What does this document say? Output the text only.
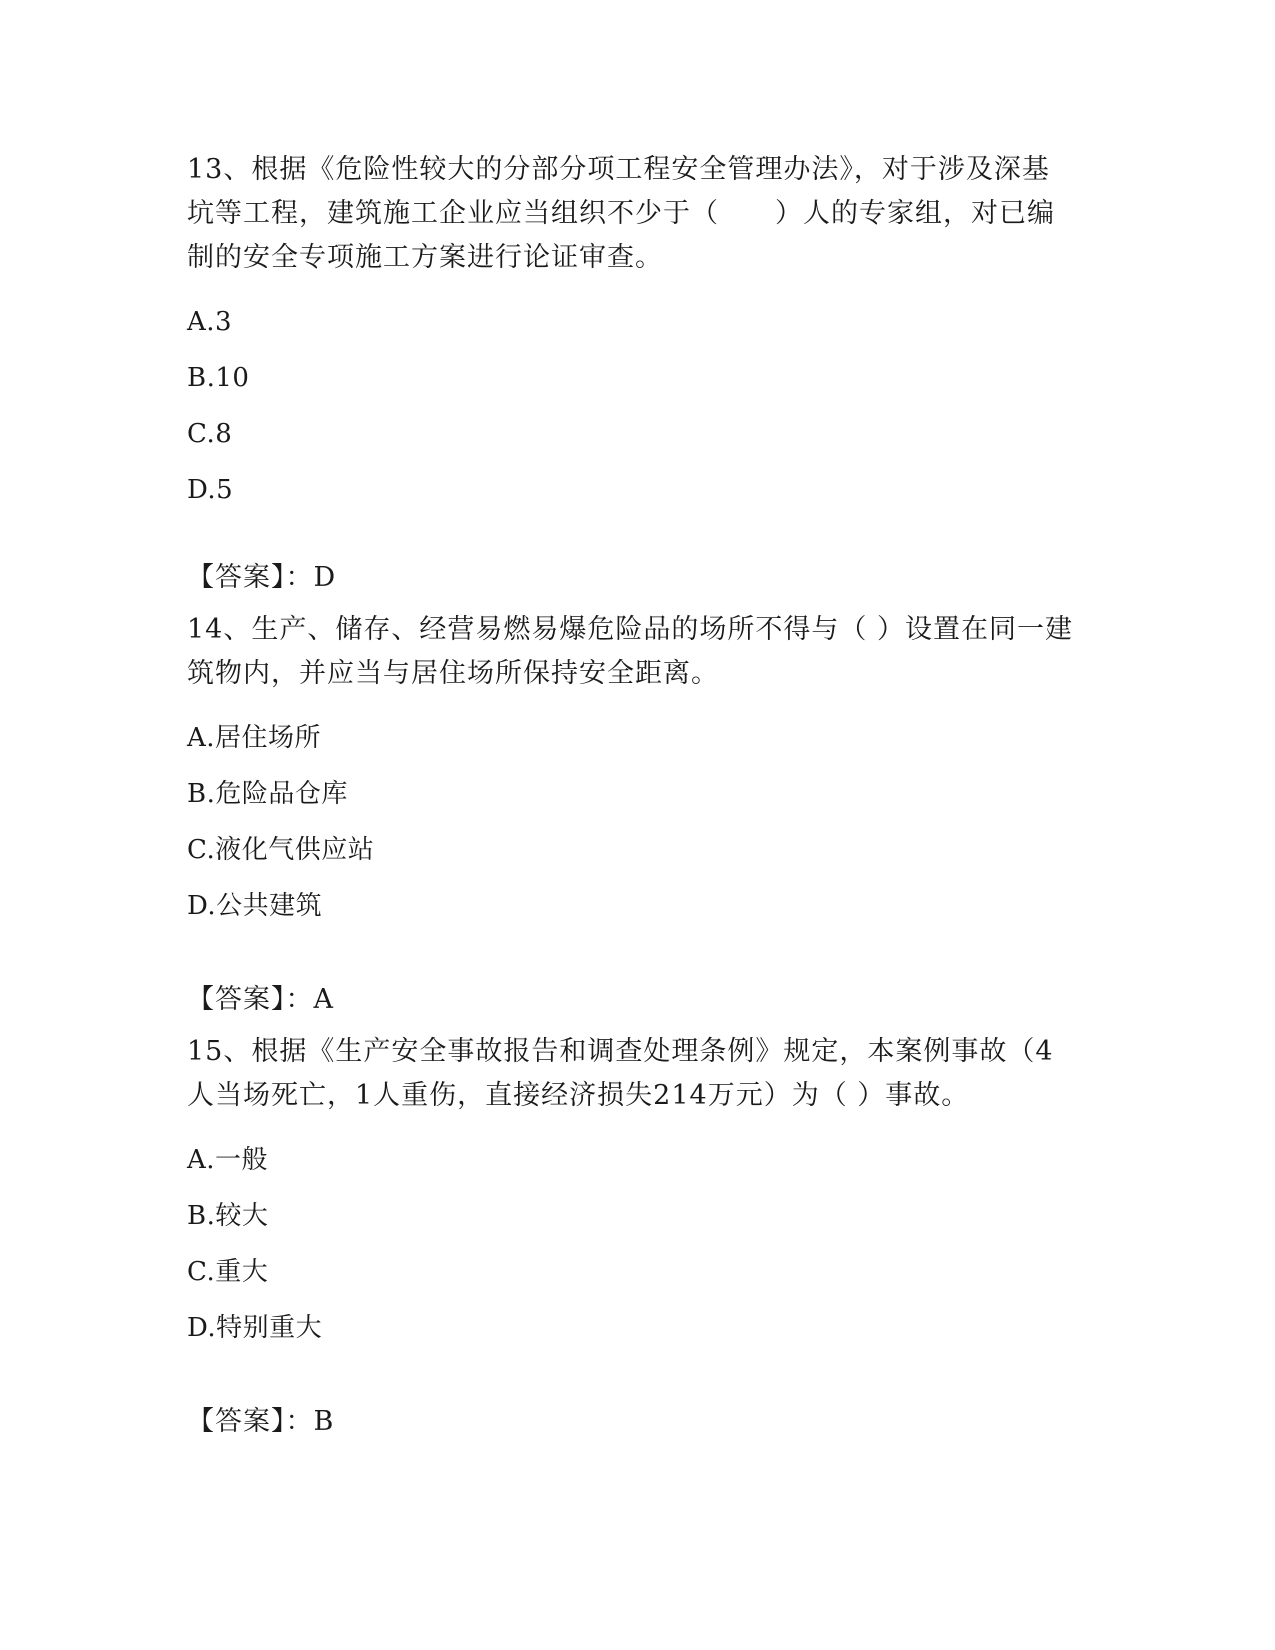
13、根据《危险性较大的分部分项工程安全管理办法》，对于涉及深基坑等工程，建筑施工企业应当组织不少于（　　）人的专家组，对已编制的安全专项施工方案进行论证审查。

A.3
B.10
C.8
D.5
【答案】：D

14、生产、储存、经营易燃易爆危险品的场所不得与（ ）设置在同一建筑物内，并应当与居住场所保持安全距离。

A.居住场所
B.危险品仓库
C.液化气供应站
D.公共建筑
【答案】：A

15、根据《生产安全事故报告和调查处理条例》规定，本案例事故（4人当场死亡，1人重伤，直接经济损失214万元）为（ ）事故。

A.一般
B.较大
C.重大
D.特别重大
【答案】：B
